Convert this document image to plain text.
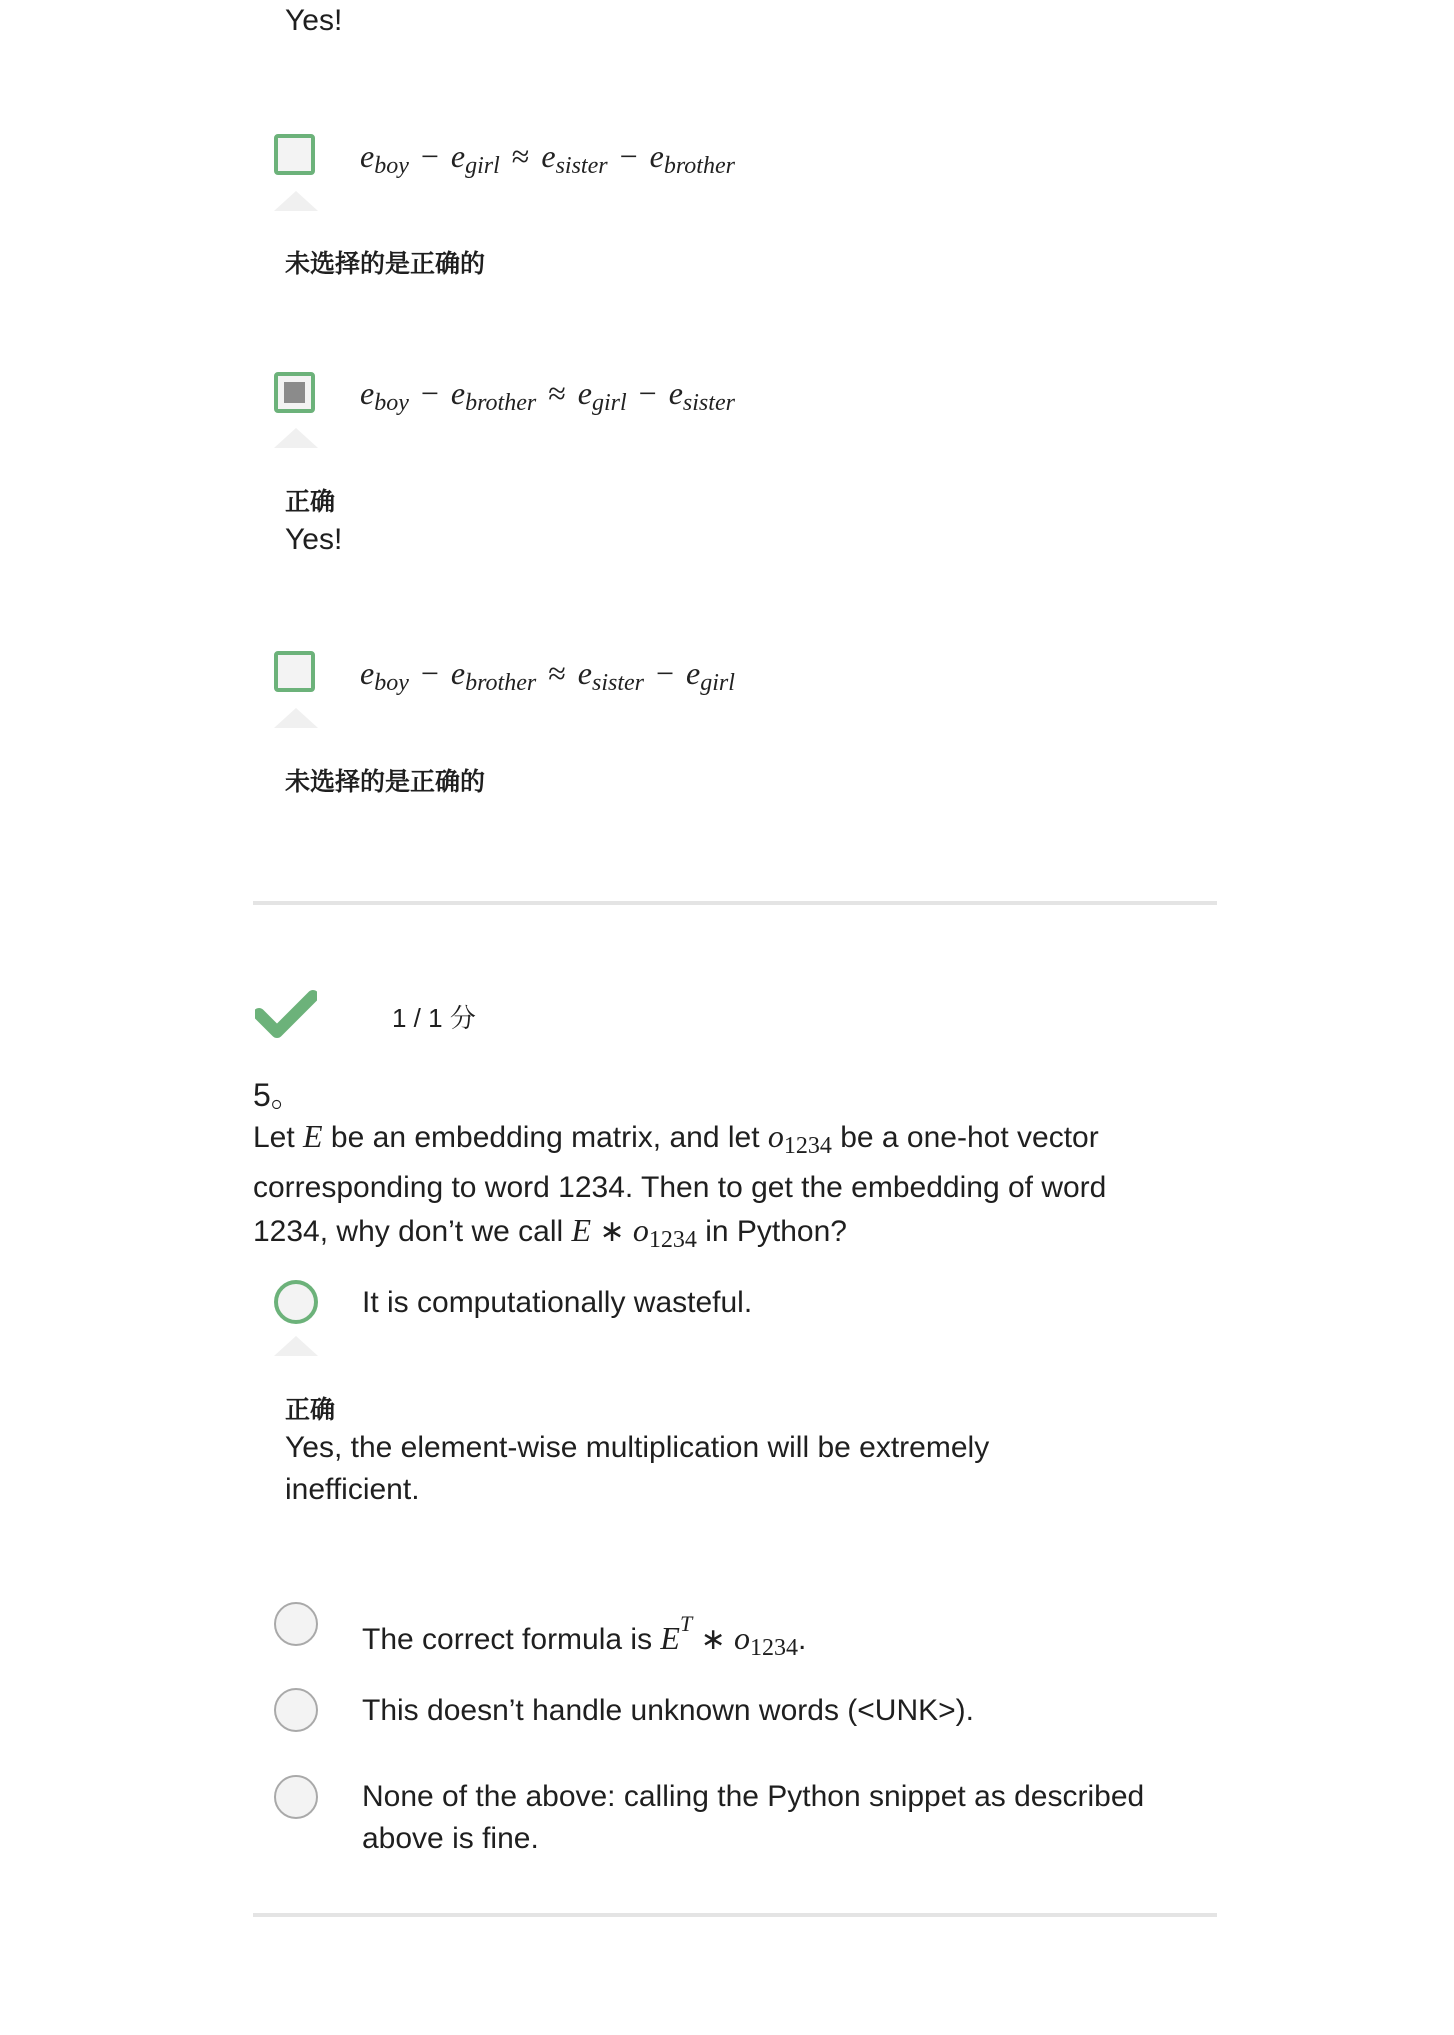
Yes!
$e_{boy} - e_{girl} \approx e_{sister} - e_{brother}$
未选择的是正确的
$e_{boy} - e_{brother} \approx e_{girl} - e_{sister}$
正确
Yes!
$e_{boy} - e_{brother} \approx e_{sister} - e_{girl}$
未选择的是正确的
1 / 1 分
5。
Let E be an embedding matrix, and let $o_{1234}$ be a one-hot vector
corresponding to word 1234. Then to get the embedding of word
1234, why don’t we call E ∗ $o_{1234}$ in Python?
It is computationally wasteful.
正确
Yes, the element-wise multiplication will be extremely
inefficient.
The correct formula is $E^T$ ∗ $o_{1234}$.
This doesn’t handle unknown words (<UNK>).
None of the above: calling the Python snippet as described
above is fine.
